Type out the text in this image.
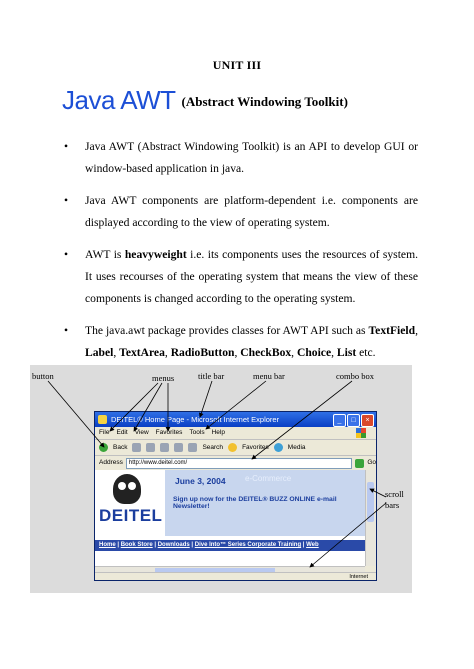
UNIT III
Java AWT (Abstract Windowing Toolkit)
• Java AWT (Abstract Windowing Toolkit) is an API to develop GUI or window-based application in java.
• Java AWT components are platform-dependent i.e. components are displayed according to the view of operating system.
• AWT is heavyweight i.e. its components uses the resources of system. It uses recourses of the operating system that means the view of these components is changed according to the operating system.
• The java.awt package provides classes for AWT API such as TextField, Label, TextArea, RadioButton, CheckBox, Choice, List etc.
button	menus	title bar	menu bar	combo box
scroll bars
DEITEL® Home Page - Microsoft Internet Explorer	_	□	×
File Edit View Favorites Tools Help
Back	Search	Favorites	Media
Address	http://www.deitel.com/	Go
DEITEL
e-Commerce
June 3, 2004
Sign up now for the DEITEL® BUZZ ONLINE e-mail Newsletter!
Home | Book Store | Downloads | Dive Into™ Series Corporate Training | Web
Internet
